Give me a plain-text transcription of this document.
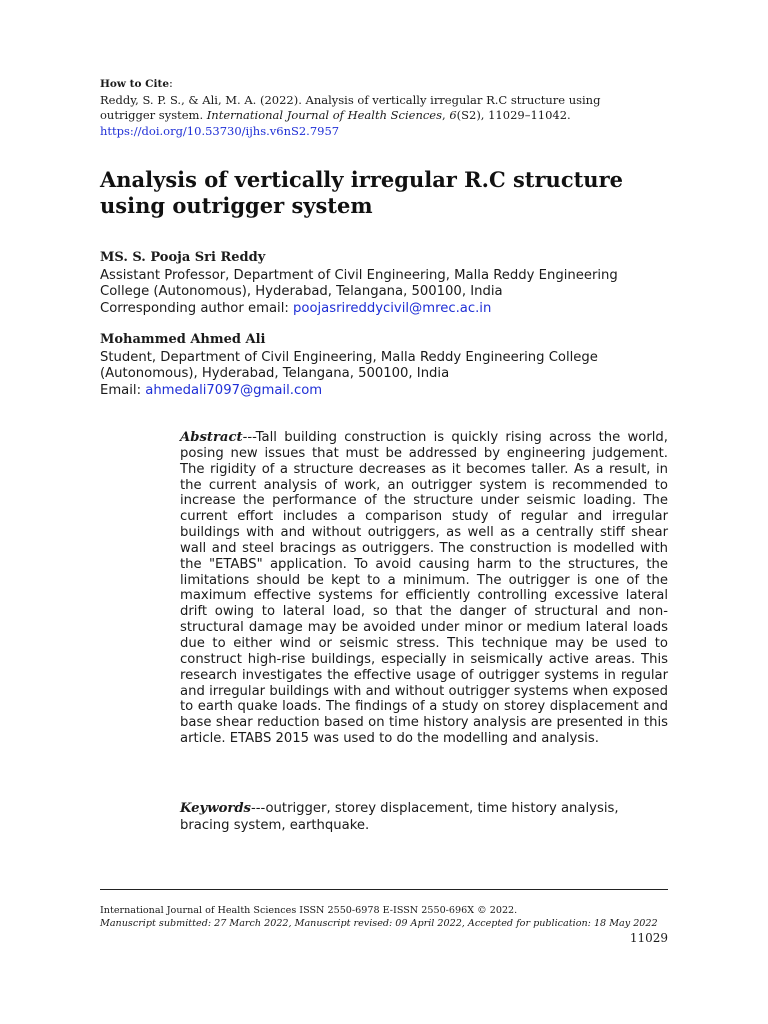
How to Cite:
Reddy, S. P. S., & Ali, M. A. (2022). Analysis of vertically irregular R.C structure using
outrigger system. International Journal of Health Sciences, 6(S2), 11029–11042.
https://doi.org/10.53730/ijhs.v6nS2.7957
Analysis of vertically irregular R.C structure using outrigger system
MS. S. Pooja Sri Reddy
Assistant Professor, Department of Civil Engineering, Malla Reddy Engineering
College (Autonomous), Hyderabad, Telangana, 500100, India
Corresponding author email: poojasrireddycivil@mrec.ac.in
Mohammed Ahmed Ali
Student, Department of Civil Engineering, Malla Reddy Engineering College
(Autonomous), Hyderabad, Telangana, 500100, India
Email: ahmedali7097@gmail.com
Abstract---Tall building construction is quickly rising across the world, posing new issues that must be addressed by engineering judgement. The rigidity of a structure decreases as it becomes taller. As a result, in the current analysis of work, an outrigger system is recommended to increase the performance of the structure under seismic loading. The current effort includes a comparison study of regular and irregular buildings with and without outriggers, as well as a centrally stiff shear wall and steel bracings as outriggers. The construction is modelled with the "ETABS" application. To avoid causing harm to the structures, the limitations should be kept to a minimum. The outrigger is one of the maximum effective systems for efficiently controlling excessive lateral drift owing to lateral load, so that the danger of structural and non-structural damage may be avoided under minor or medium lateral loads due to either wind or seismic stress. This technique may be used to construct high-rise buildings, especially in seismically active areas. This research investigates the effective usage of outrigger systems in regular and irregular buildings with and without outrigger systems when exposed to earth quake loads. The findings of a study on storey displacement and base shear reduction based on time history analysis are presented in this article. ETABS 2015 was used to do the modelling and analysis.
Keywords---outrigger, storey displacement, time history analysis, bracing system, earthquake.
International Journal of Health Sciences ISSN 2550-6978 E-ISSN 2550-696X © 2022.
Manuscript submitted: 27 March 2022, Manuscript revised: 09 April 2022, Accepted for publication: 18 May 2022
11029
